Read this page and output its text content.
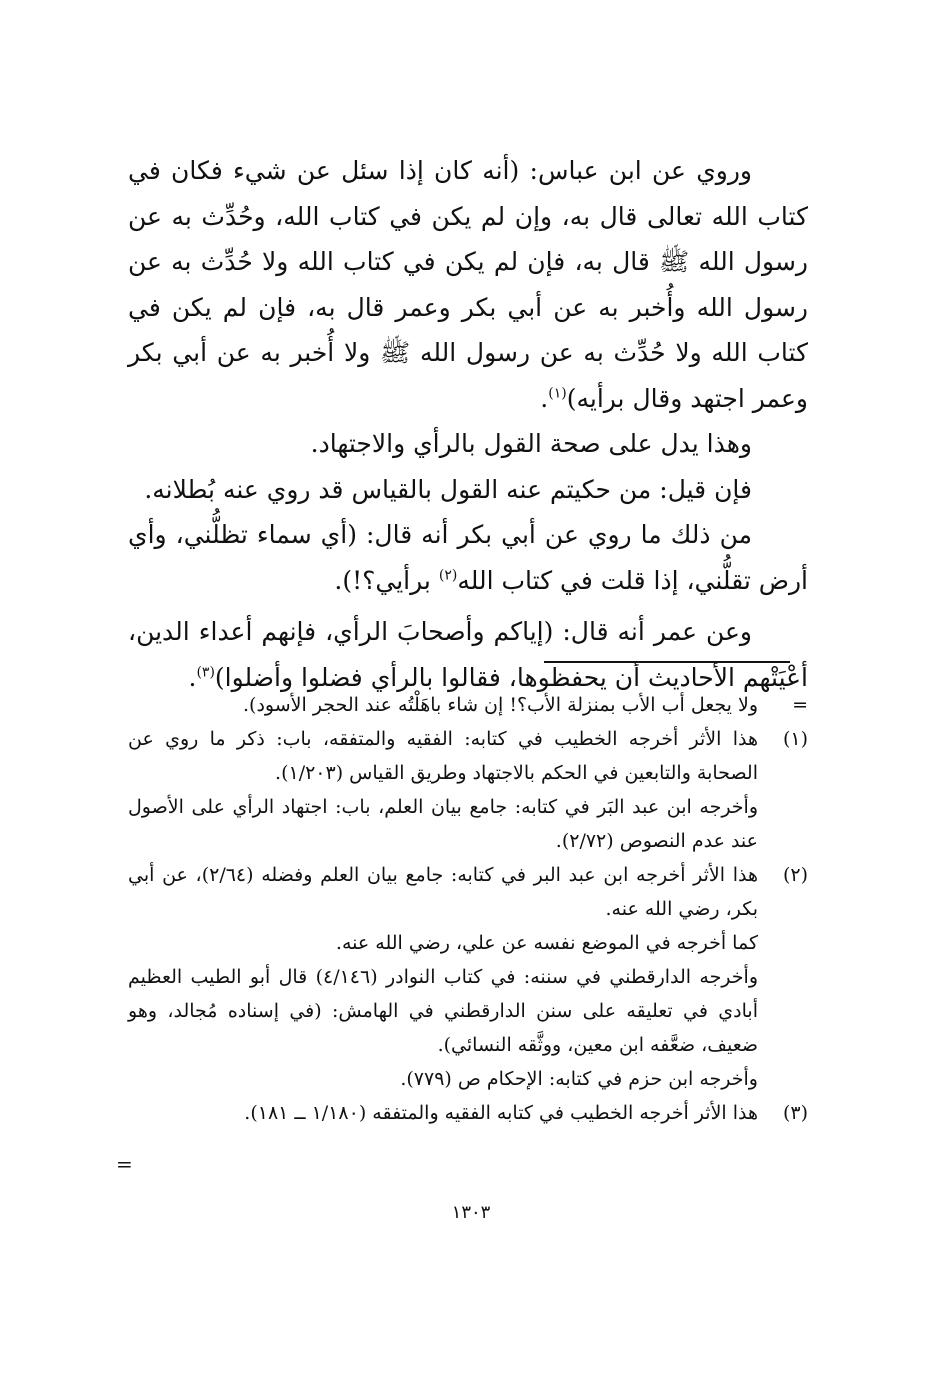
وروي عن ابن عباس: (أنه كان إذا سئل عن شيء فكان في كتاب الله تعالى قال به، وإن لم يكن في كتاب الله، وحُدِّث به عن رسول الله ﷺ قال به، فإن لم يكن في كتاب الله ولا حُدِّث به عن رسول الله وأُخبر به عن أبي بكر وعمر قال به، فإن لم يكن في كتاب الله ولا حُدِّث به عن رسول الله ﷺ ولا أُخبر به عن أبي بكر وعمر اجتهد وقال برأيه)$^{(١)}$.

وهذا يدل على صحة القول بالرأي والاجتهاد.

فإن قيل: من حكيتم عنه القول بالقياس قد روي عنه بُطلانه.

من ذلك ما روي عن أبي بكر أنه قال: (أي سماء تظلُّني، وأي أرض تقلُّني، إذا قلت في كتاب الله$^{(٢)}$ برأيي؟!).

وعن عمر أنه قال: (إياكم وأصحابَ الرأي، فإنهم أعداء الدين، أعْيَتْهم الأحاديث أن يحفظوها، فقالوا بالرأي فضلوا وأضلوا)$^{(٣)}$.

=

ولا يجعل أب الأب بمنزلة الأب؟! إن شاء باهَلْتُه عند الحجر الأسود).

(١)

هذا الأثر أخرجه الخطيب في كتابه: الفقيه والمتفقه، باب: ذكر ما روي عن الصحابة والتابعين في الحكم بالاجتهاد وطريق القياس (١/٢٠٣).

وأخرجه ابن عبد البَر في كتابه: جامع بيان العلم، باب: اجتهاد الرأي على الأصول عند عدم النصوص (٢/٧٢).

(٢)

هذا الأثر أخرجه ابن عبد البر في كتابه: جامع بيان العلم وفضله (٢/٦٤)، عن أبي بكر، رضي الله عنه.

كما أخرجه في الموضع نفسه عن علي، رضي الله عنه.

وأخرجه الدارقطني في سننه: في كتاب النوادر (٤/١٤٦) قال أبو الطيب العظيم أبادي في تعليقه على سنن الدارقطني في الهامش: (في إسناده مُجالد، وهو ضعيف، ضعَّفه ابن معين، ووثَّقه النسائي).

وأخرجه ابن حزم في كتابه: الإحكام ص (٧٧٩).

(٣)

هذا الأثر أخرجه الخطيب في كتابه الفقيه والمتفقه (١/١٨٠ ــ ١٨١).

=
١٣٠٣
